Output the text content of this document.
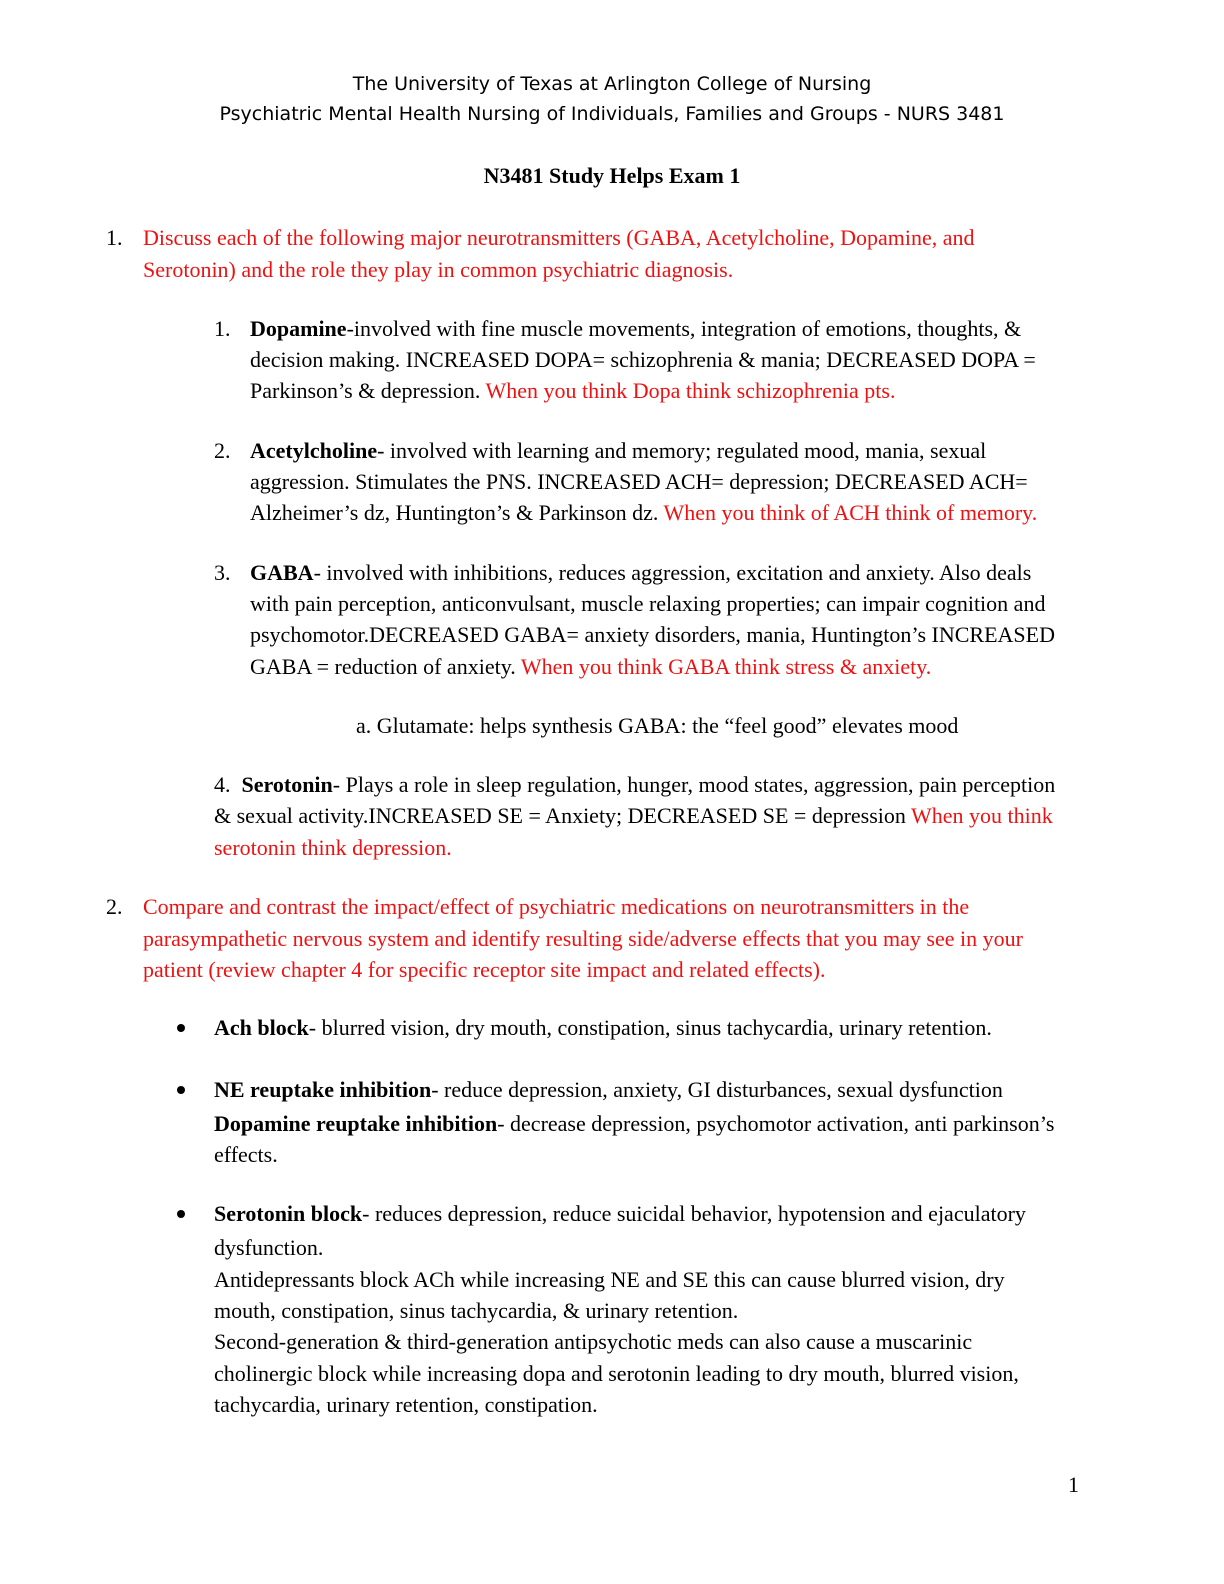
The University of Texas at Arlington College of Nursing
Psychiatric Mental Health Nursing of Individuals, Families and Groups - NURS 3481
N3481 Study Helps Exam 1
1. Discuss each of the following major neurotransmitters (GABA, Acetylcholine, Dopamine, and
Serotonin) and the role they play in common psychiatric diagnosis.
1. Dopamine-involved with fine muscle movements, integration of emotions, thoughts, &
decision making. INCREASED DOPA= schizophrenia & mania; DECREASED DOPA =
Parkinson’s & depression. When you think Dopa think schizophrenia pts.
2. Acetylcholine- involved with learning and memory; regulated mood, mania, sexual
aggression. Stimulates the PNS. INCREASED ACH= depression; DECREASED ACH=
Alzheimer’s dz, Huntington’s & Parkinson dz. When you think of ACH think of memory.
3. GABA- involved with inhibitions, reduces aggression, excitation and anxiety. Also deals
with pain perception, anticonvulsant, muscle relaxing properties; can impair cognition and
psychomotor.DECREASED GABA= anxiety disorders, mania, Huntington’s INCREASED
GABA = reduction of anxiety. When you think GABA think stress & anxiety.
a. Glutamate: helps synthesis GABA: the “feel good” elevates mood
4. Serotonin- Plays a role in sleep regulation, hunger, mood states, aggression, pain perception
& sexual activity.INCREASED SE = Anxiety; DECREASED SE = depression When you think
serotonin think depression.
2. Compare and contrast the impact/effect of psychiatric medications on neurotransmitters in the
parasympathetic nervous system and identify resulting side/adverse effects that you may see in your
patient (review chapter 4 for specific receptor site impact and related effects).
Ach block- blurred vision, dry mouth, constipation, sinus tachycardia, urinary retention.
NE reuptake inhibition- reduce depression, anxiety, GI disturbances, sexual dysfunction
Dopamine reuptake inhibition- decrease depression, psychomotor activation, anti parkinson’s
effects.
Serotonin block- reduces depression, reduce suicidal behavior, hypotension and ejaculatory
dysfunction.
Antidepressants block ACh while increasing NE and SE this can cause blurred vision, dry
mouth, constipation, sinus tachycardia, & urinary retention.
Second-generation & third-generation antipsychotic meds can also cause a muscarinic
cholinergic block while increasing dopa and serotonin leading to dry mouth, blurred vision,
tachycardia, urinary retention, constipation.
1
